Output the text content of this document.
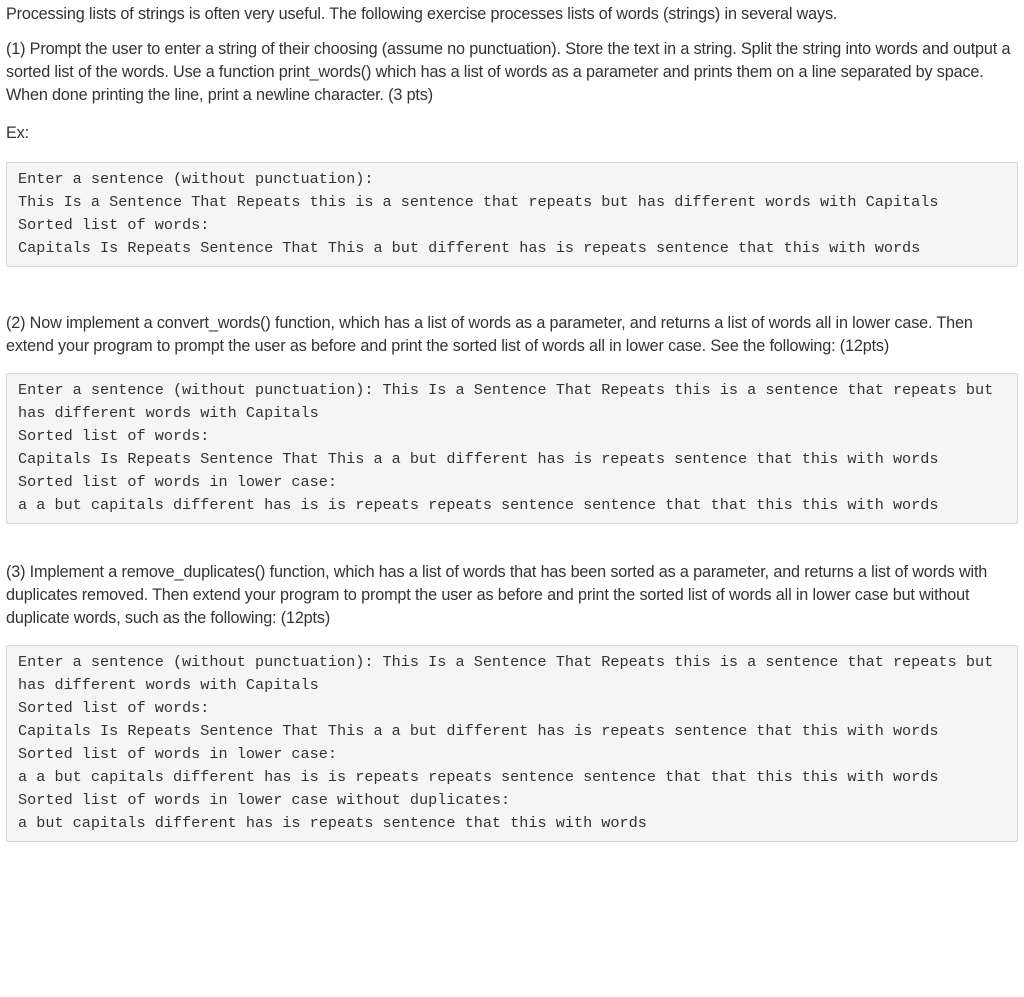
Processing lists of strings is often very useful. The following exercise processes lists of words (strings) in several ways.

(1) Prompt the user to enter a string of their choosing (assume no punctuation). Store the text in a string. Split the string into words and output a sorted list of the words. Use a function print_words() which has a list of words as a parameter and prints them on a line separated by space. When done printing the line, print a newline character. (3 pts)

Ex:

Enter a sentence (without punctuation):
This Is a Sentence That Repeats this is a sentence that repeats but has different words with Capitals
Sorted list of words:
Capitals Is Repeats Sentence That This a but different has is repeats sentence that this with words

(2) Now implement a convert_words() function, which has a list of words as a parameter, and returns a list of words all in lower case. Then extend your program to prompt the user as before and print the sorted list of words all in lower case. See the following: (12pts)

Enter a sentence (without punctuation): This Is a Sentence That Repeats this is a sentence that repeats but has different words with Capitals
Sorted list of words:
Capitals Is Repeats Sentence That This a a but different has is repeats sentence that this with words
Sorted list of words in lower case:
a a but capitals different has is is repeats repeats sentence sentence that that this this with words

(3) Implement a remove_duplicates() function, which has a list of words that has been sorted as a parameter, and returns a list of words with duplicates removed. Then extend your program to prompt the user as before and print the sorted list of words all in lower case but without duplicate words, such as the following: (12pts)

Enter a sentence (without punctuation): This Is a Sentence That Repeats this is a sentence that repeats but has different words with Capitals
Sorted list of words:
Capitals Is Repeats Sentence That This a a but different has is repeats sentence that this with words
Sorted list of words in lower case:
a a but capitals different has is is repeats repeats sentence sentence that that this this with words
Sorted list of words in lower case without duplicates:
a but capitals different has is repeats sentence that this with words
